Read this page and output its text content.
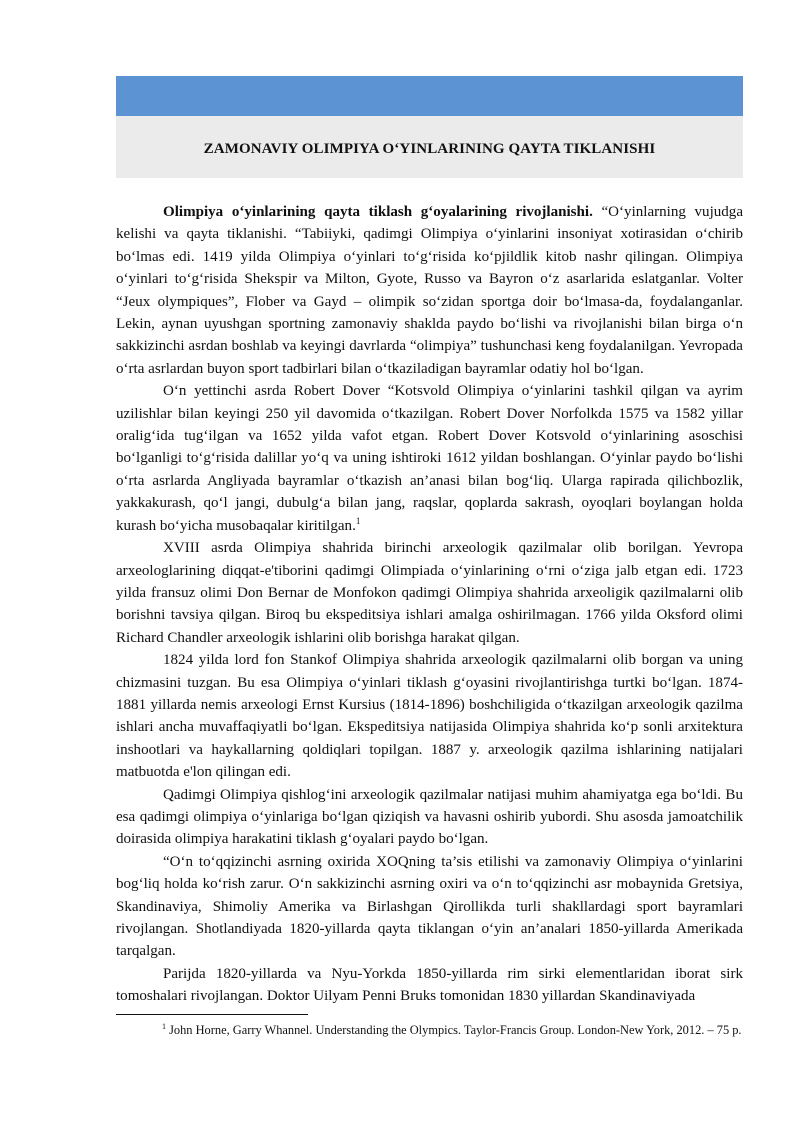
ZAMONAVIY OLIMPIYA O‘YINLARINING QAYTA TIKLANISHI

Olimpiya o‘yinlarining qayta tiklash g‘oyalarining rivojlanishi. “O‘yinlarning vujudga kelishi va qayta tiklanishi. “Tabiiyki, qadimgi Olimpiya o‘yinlarini insoniyat xotirasidan o‘chirib bo‘lmas edi. 1419 yilda Olimpiya o‘yinlari to‘g‘risida ko‘pjildlik kitob nashr qilingan. Olimpiya o‘yinlari to‘g‘risida Shekspir va Milton, Gyote, Russo va Bayron o‘z asarlarida eslatganlar. Volter “Jeux olympiques”, Flober va Gayd – olimpik so‘zidan sportga doir bo‘lmasa-da, foydalanganlar. Lekin, aynan uyushgan sportning zamonaviy shaklda paydo bo‘lishi va rivojlanishi bilan birga o‘n sakkizinchi asrdan boshlab va keyingi davrlarda “olimpiya” tushunchasi keng foydalanilgan. Yevropada o‘rta asrlardan buyon sport tadbirlari bilan o‘tkaziladigan bayramlar odatiy hol bo‘lgan.

O‘n yettinchi asrda Robert Dover “Kotsvold Olimpiya o‘yinlarini tashkil qilgan va ayrim uzilishlar bilan keyingi 250 yil davomida o‘tkazilgan. Robert Dover Norfolkda 1575 va 1582 yillar oralig‘ida tug‘ilgan va 1652 yilda vafot etgan. Robert Dover Kotsvold o‘yinlarining asoschisi bo‘lganligi to‘g‘risida dalillar yo‘q va uning ishtiroki 1612 yildan boshlangan. O‘yinlar paydo bo‘lishi o‘rta asrlarda Angliyada bayramlar o‘tkazish an’anasi bilan bog‘liq. Ularga rapirada qilichbozlik, yakkakurash, qo‘l jangi, dubulg‘a bilan jang, raqslar, qoplarda sakrash, oyoqlari boylangan holda kurash bo‘yicha musobaqalar kiritilgan.$^1$

XVIII asrda Olimpiya shahrida birinchi arxeologik qazilmalar olib borilgan. Yevropa arxeologlarining diqqat-e'tiborini qadimgi Olimpiada o‘yinlarining o‘rni o‘ziga jalb etgan edi. 1723 yilda fransuz olimi Don Bernar de Monfokon qadimgi Olimpiya shahrida arxeoligik qazilmalarni olib borishni tavsiya qilgan. Biroq bu ekspeditsiya ishlari amalga oshirilmagan. 1766 yilda Oksford olimi Richard Chandler arxeologik ishlarini olib borishga harakat qilgan.

1824 yilda lord fon Stankof Olimpiya shahrida arxeologik qazilmalarni olib borgan va uning chizmasini tuzgan. Bu esa Olimpiya o‘yinlari tiklash g‘oyasini rivojlantirishga turtki bo‘lgan. 1874-1881 yillarda nemis arxeologi Ernst Kursius (1814-1896) boshchiligida o‘tkazilgan arxeologik qazilma ishlari ancha muvaffaqiyatli bo‘lgan. Ekspeditsiya natijasida Olimpiya shahrida ko‘p sonli arxitektura inshootlari va haykallarning qoldiqlari topilgan. 1887 y. arxeologik qazilma ishlarining natijalari matbuotda e'lon qilingan edi.

Qadimgi Olimpiya qishlog‘ini arxeologik qazilmalar natijasi muhim ahamiyatga ega bo‘ldi. Bu esa qadimgi olimpiya o‘yinlariga bo‘lgan qiziqish va havasni oshirib yubordi. Shu asosda jamoatchilik doirasida olimpiya harakatini tiklash g‘oyalari paydo bo‘lgan.

“O‘n to‘qqizinchi asrning oxirida XOQning ta’sis etilishi va zamonaviy Olimpiya o‘yinlarini bog‘liq holda ko‘rish zarur. O‘n sakkizinchi asrning oxiri va o‘n to‘qqizinchi asr mobaynida Gretsiya, Skandinaviya, Shimoliy Amerika va Birlashgan Qirollikda turli shakllardagi sport bayramlari rivojlangan. Shotlandiyada 1820-yillarda qayta tiklangan o‘yin an’analari 1850-yillarda Amerikada tarqalgan.

Parijda 1820-yillarda va Nyu-Yorkda 1850-yillarda rim sirki elementlaridan iborat sirk tomoshalari rivojlangan. Doktor Uilyam Penni Bruks tomonidan 1830 yillardan Skandinaviyada

$^1$ John Horne, Garry Whannel. Understanding the Olympics. Taylor-Francis Group. London-New York, 2012. – 75 p.
